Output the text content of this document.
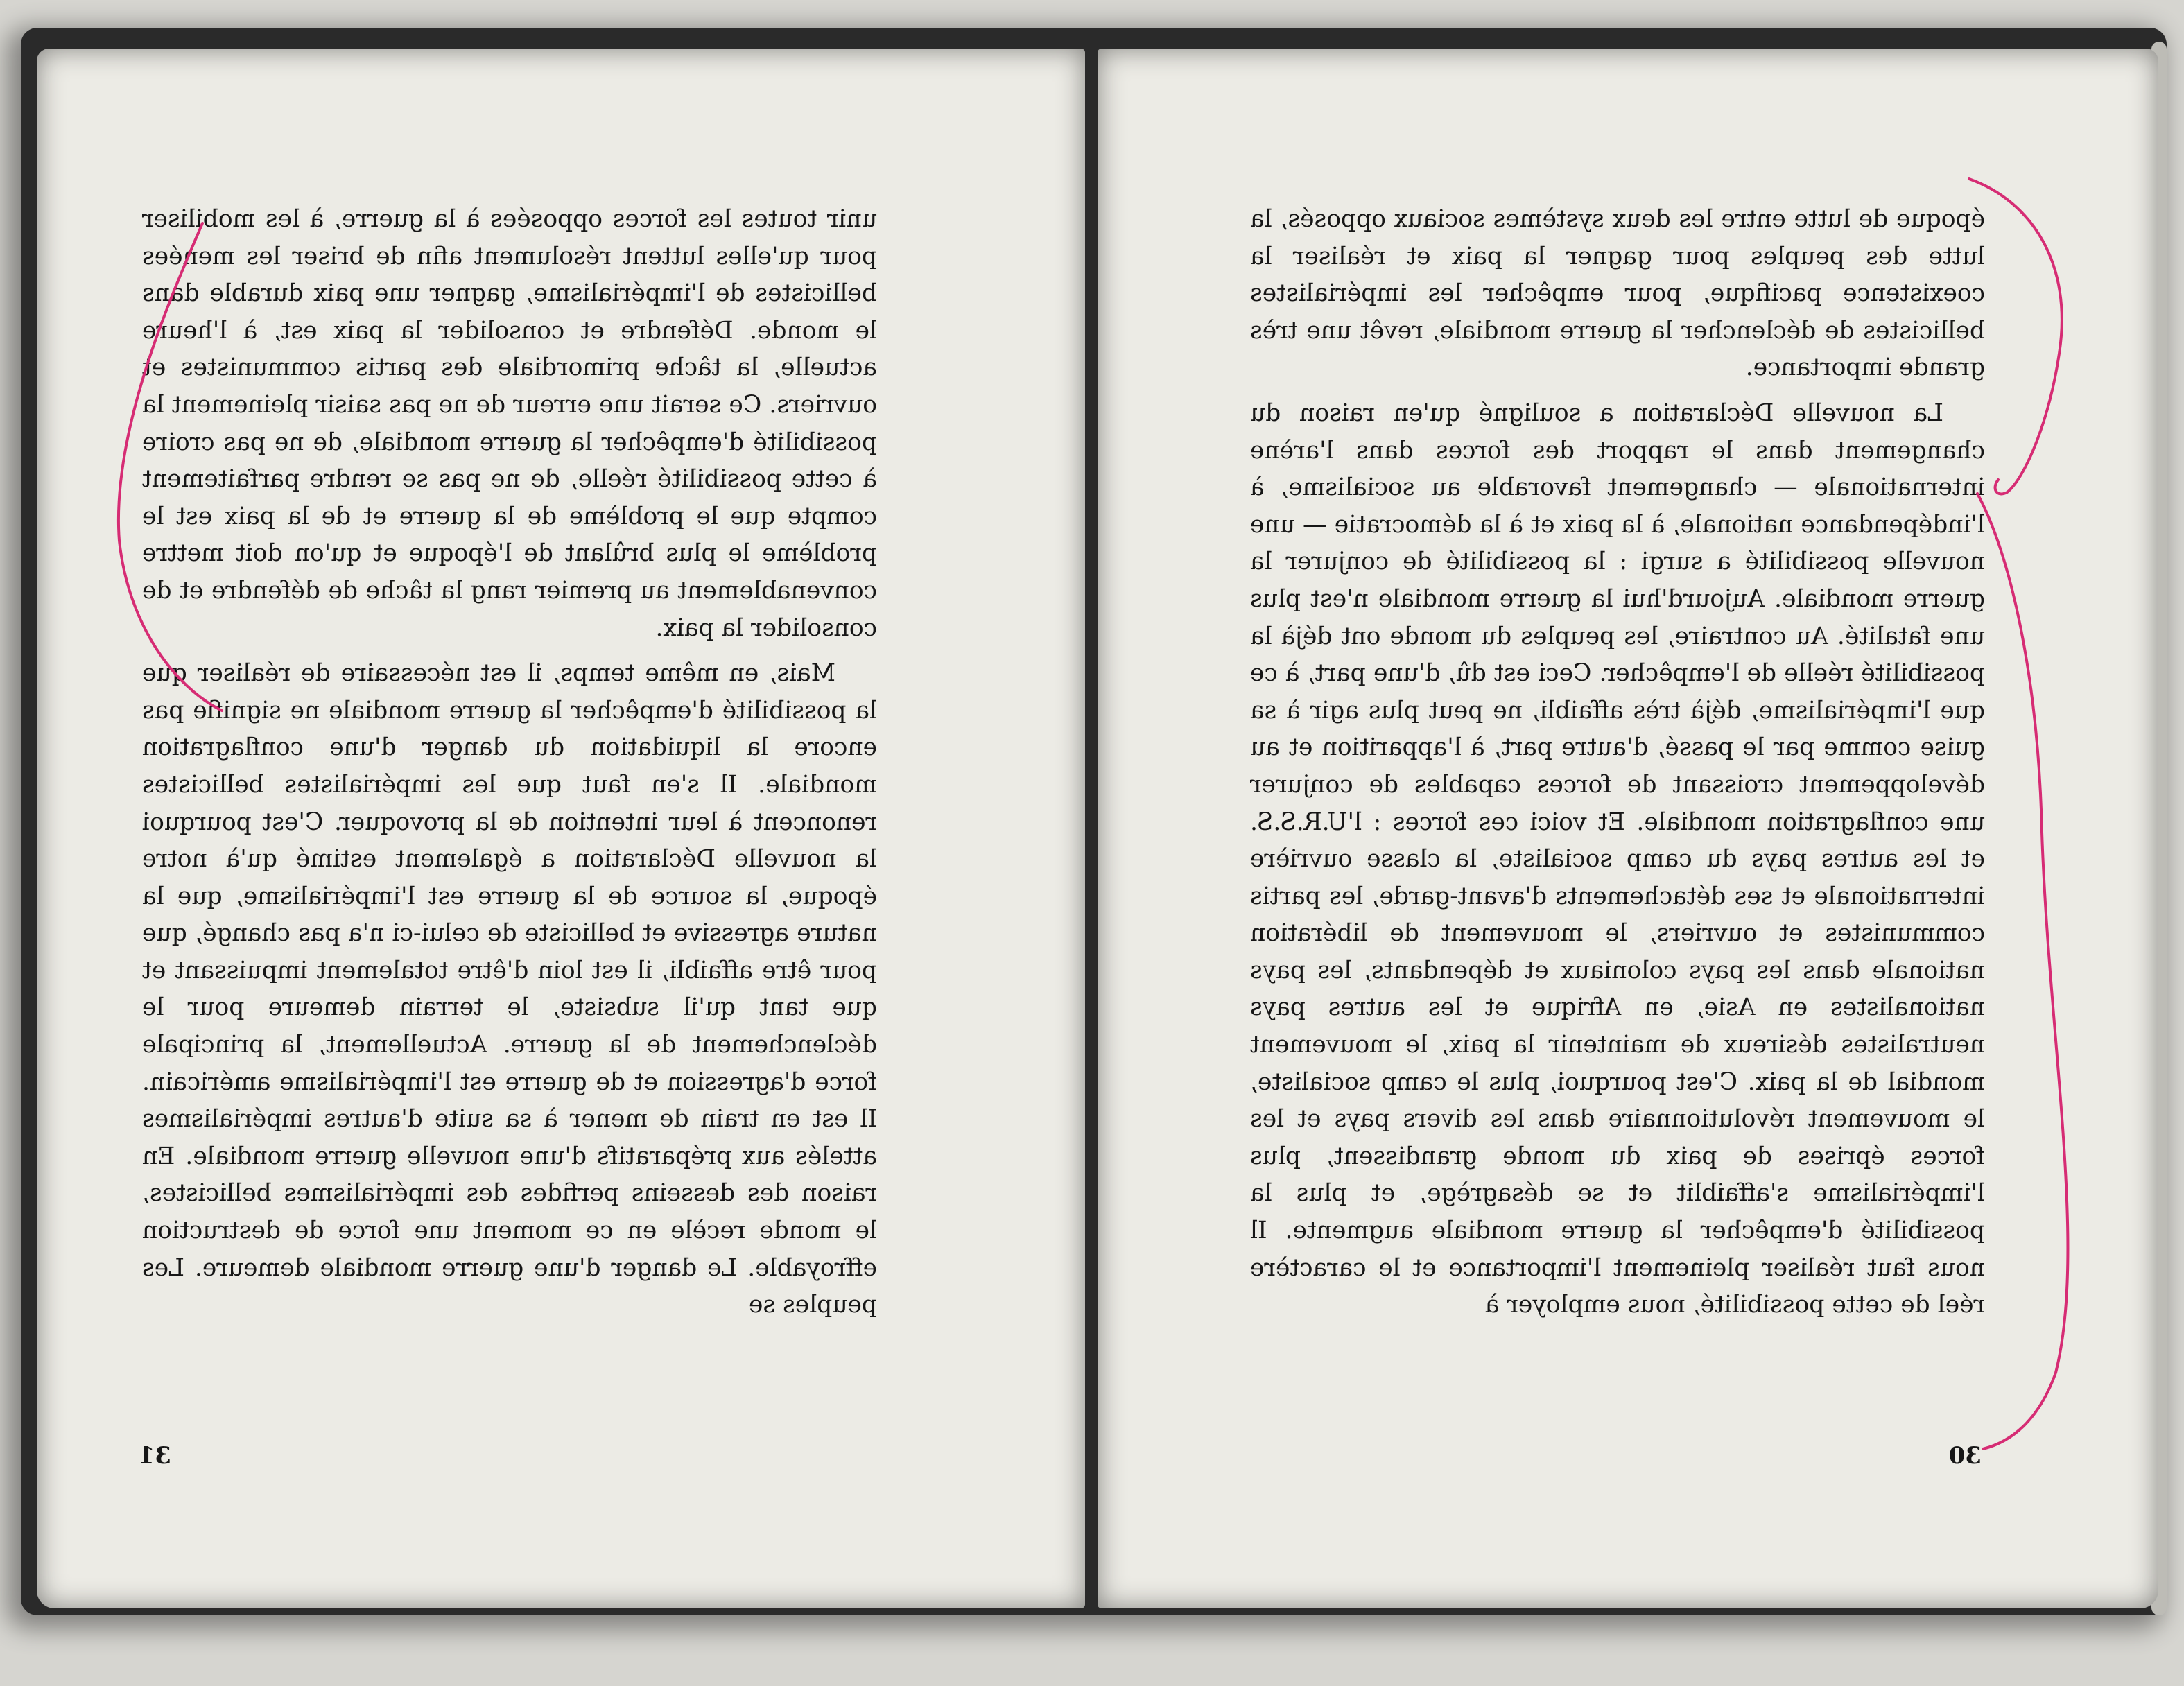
époque de lutte entre les deux systèmes sociaux opposés, la lutte des peuples pour gagner la paix et réaliser la coexistence pacifique, pour empêcher les impérialistes bellicistes de déclencher la guerre mondiale, revêt une très grande importance.

La nouvelle Déclaration a souligné qu'en raison du changement dans le rapport des forces dans l'arène internationale — changement favorable au socialisme, à l'indépendance nationale, à la paix et à la démocratie — une nouvelle possibilité a surgi : la possibilité de conjurer la guerre mondiale. Aujourd'hui la guerre mondiale n'est plus une fatalité. Au contraire, les peuples du monde ont déjà la possibilité réelle de l'empêcher. Ceci est dû, d'une part, à ce que l'impérialisme, déjà très affaibli, ne peut plus agir à sa guise comme par le passé, d'autre part, à l'apparition et au développement croissant de forces capables de conjurer une conflagration mondiale. Et voici ces forces : l'U.R.S.S. et les autres pays du camp socialiste, la classe ouvrière internationale et ses détachements d'avant-garde, les partis communistes et ouvriers, le mouvement de libération nationale dans les pays coloniaux et dépendants, les pays nationalistes en Asie, en Afrique et les autres pays neutralistes désireux de maintenir la paix, le mouvement mondial de la paix. C'est pourquoi, plus le camp socialiste, le mouvement révolutionnaire dans les divers pays et les forces éprises de paix du monde grandissent, plus l'impérialisme s'affaiblit et se désagrège, et plus la possibilité d'empêcher la guerre mondiale augmente. Il nous faut réaliser pleinement l'importance et le caractère réel de cette possibilité, nous employer à

30

unir toutes les forces opposées à la guerre, à les mobiliser pour qu'elles luttent résolument afin de briser les menées bellicistes de l'impérialisme, gagner une paix durable dans le monde. Défendre et consolider la paix est, à l'heure actuelle, la tâche primordiale des partis communistes et ouvriers. Ce serait une erreur de ne pas saisir pleinement la possibilité d'empêcher la guerre mondiale, de ne pas croire à cette possibilité réelle, de ne pas se rendre parfaitement compte que le problème de la guerre et de la paix est le problème le plus brûlant de l'époque et qu'on doit mettre convenablement au premier rang la tâche de défendre et de consolider la paix.

Mais, en même temps, il est nécessaire de réaliser que la possibilité d'empêcher la guerre mondiale ne signifie pas encore la liquidation du danger d'une conflagration mondiale. Il s'en faut que les impérialistes bellicistes renoncent à leur intention de la provoquer. C'est pourquoi la nouvelle Déclaration a également estimé qu'à notre époque, la source de la guerre est l'impérialisme, que la nature agressive et belliciste de celui-ci n'a pas changé, que pour être affaibli, il est loin d'être totalement impuissant et que tant qu'il subsiste, le terrain demeure pour le déclenchement de la guerre. Actuellement, la principale force d'agression et de guerre est l'impérialisme américain. Il est en train de mener à sa suite d'autres impérialismes attelés aux préparatifs d'une nouvelle guerre mondiale. En raison des desseins perfides des impérialismes bellicistes, le monde recèle en ce moment une force de destruction effroyable. Le danger d'une guerre mondiale demeure. Les peuples se

31
